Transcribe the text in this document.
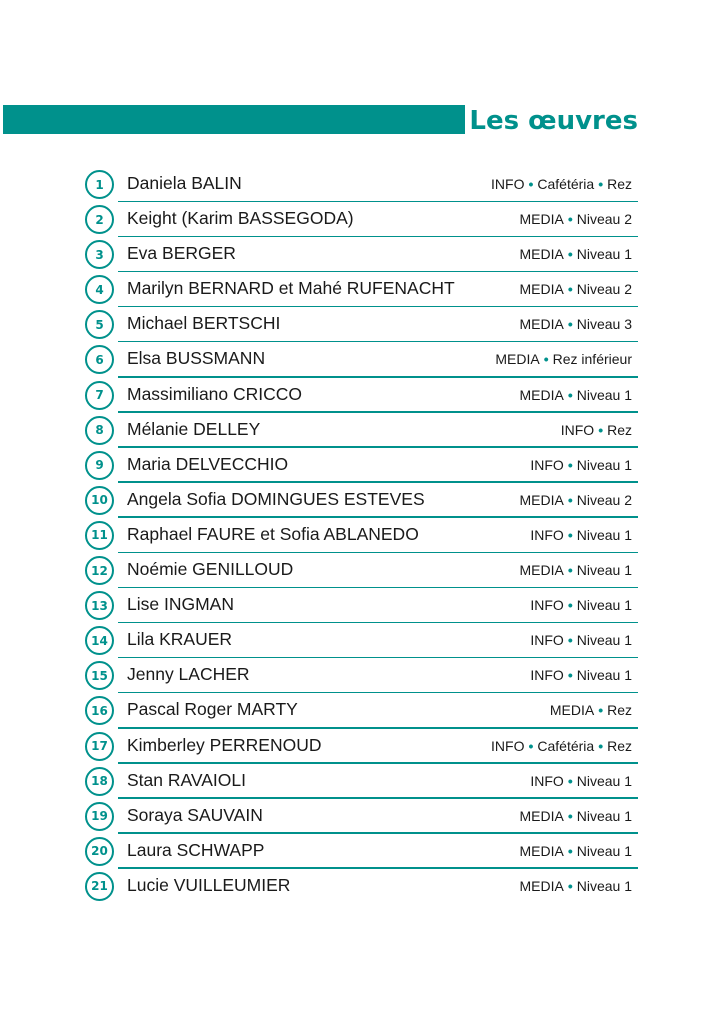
Les œuvres
1	Daniela BALIN	INFO • Cafétéria • Rez
2	Keight (Karim BASSEGODA)	MEDIA • Niveau 2
3	Eva BERGER	MEDIA • Niveau 1
4	Marilyn BERNARD et Mahé RUFENACHT	MEDIA • Niveau 2
5	Michael BERTSCHI	MEDIA • Niveau 3
6	Elsa BUSSMANN	MEDIA • Rez inférieur
7	Massimiliano CRICCO	MEDIA • Niveau 1
8	Mélanie DELLEY	INFO • Rez
9	Maria DELVECCHIO	INFO • Niveau 1
10	Angela Sofia DOMINGUES ESTEVES	MEDIA • Niveau 2
11	Raphael FAURE et Sofia ABLANEDO	INFO • Niveau 1
12	Noémie GENILLOUD	MEDIA • Niveau 1
13	Lise INGMAN	INFO • Niveau 1
14	Lila KRAUER	INFO • Niveau 1
15	Jenny LACHER	INFO • Niveau 1
16	Pascal Roger MARTY	MEDIA • Rez
17	Kimberley PERRENOUD	INFO • Cafétéria • Rez
18	Stan RAVAIOLI	INFO • Niveau 1
19	Soraya SAUVAIN	MEDIA • Niveau 1
20	Laura SCHWAPP	MEDIA • Niveau 1
21	Lucie VUILLEUMIER	MEDIA • Niveau 1
